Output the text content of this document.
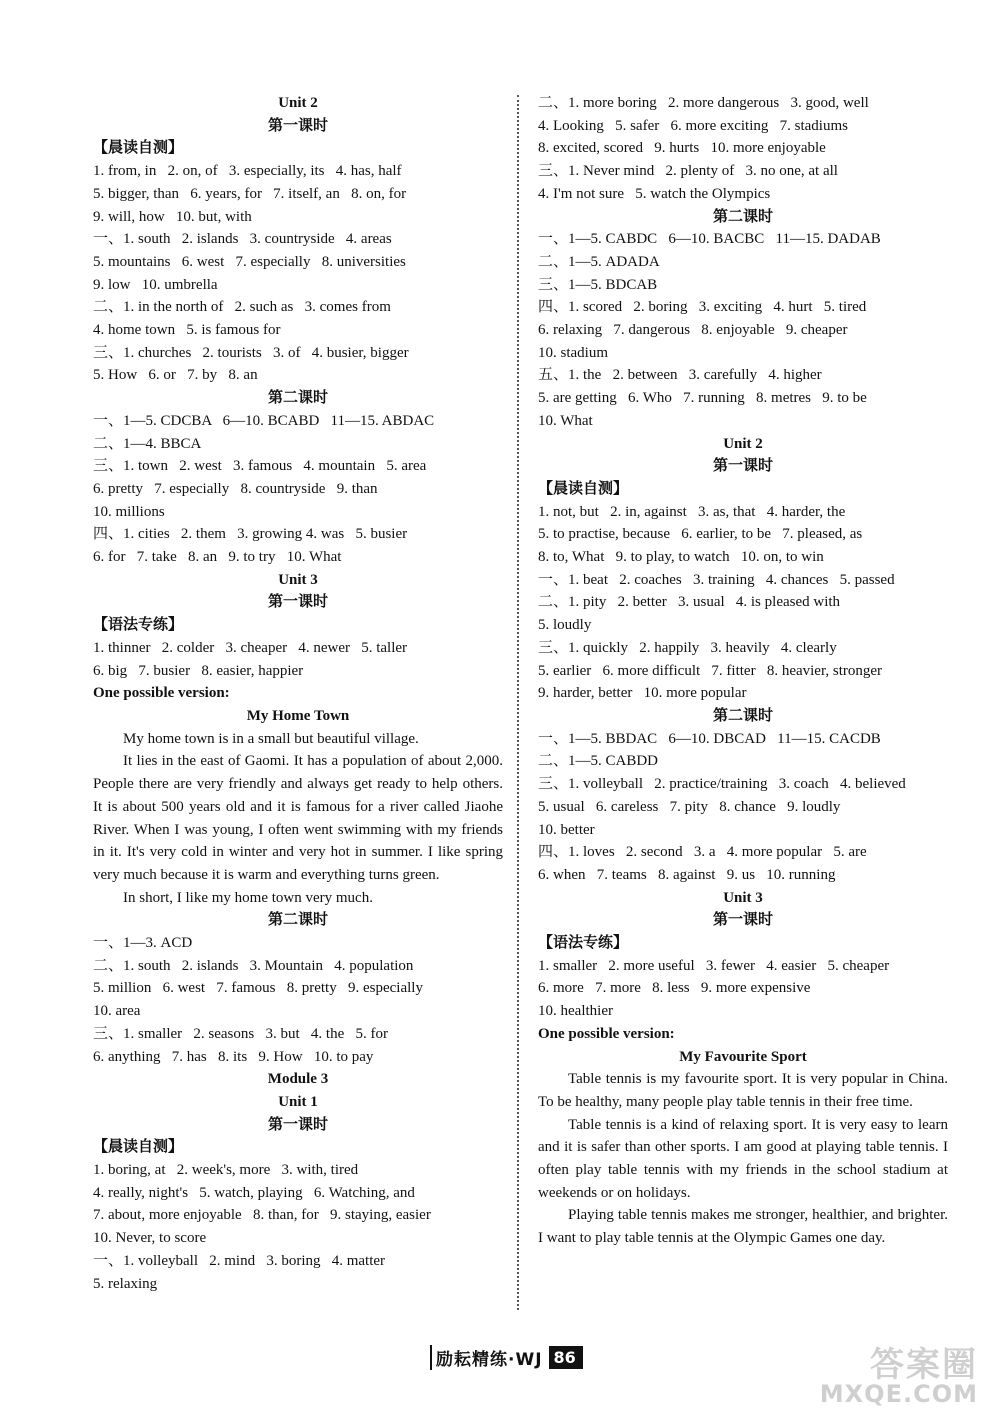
Unit 2
第一课时
【晨读自测】
1. from, in   2. on, of   3. especially, its   4. has, half
5. bigger, than   6. years, for   7. itself, an   8. on, for
9. will, how   10. but, with
一、1. south   2. islands   3. countryside   4. areas
5. mountains   6. west   7. especially   8. universities
9. low   10. umbrella
二、1. in the north of   2. such as   3. comes from
4. home town   5. is famous for
三、1. churches   2. tourists   3. of   4. busier, bigger
5. How   6. or   7. by   8. an
第二课时
一、1—5. CDCBA   6—10. BCABD   11—15. ABDAC
二、1—4. BBCA
三、1. town   2. west   3. famous   4. mountain   5. area
6. pretty   7. especially   8. countryside   9. than
10. millions
四、1. cities   2. them   3. growing 4. was   5. busier
6. for   7. take   8. an   9. to try   10. What
Unit 3
第一课时
【语法专练】
1. thinner   2. colder   3. cheaper   4. newer   5. taller
6. big   7. busier   8. easier, happier
One possible version:
My Home Town
My home town is in a small but beautiful village.
It lies in the east of Gaomi. It has a population of about 2,000. People there are very friendly and always get ready to help others. It is about 500 years old and it is famous for a river called Jiaohe River. When I was young, I often went swimming with my friends in it. It's very cold in winter and very hot in summer. I like spring very much because it is warm and everything turns green.
In short, I like my home town very much.
第二课时
一、1—3. ACD
二、1. south   2. islands   3. Mountain   4. population
5. million   6. west   7. famous   8. pretty   9. especially
10. area
三、1. smaller   2. seasons   3. but   4. the   5. for
6. anything   7. has   8. its   9. How   10. to pay
Module 3
Unit 1
第一课时
【晨读自测】
1. boring, at   2. week's, more   3. with, tired
4. really, night's   5. watch, playing   6. Watching, and
7. about, more enjoyable   8. than, for   9. staying, easier
10. Never, to score
一、1. volleyball   2. mind   3. boring   4. matter
5. relaxing
二、1. more boring   2. more dangerous   3. good, well
4. Looking   5. safer   6. more exciting   7. stadiums
8. excited, scored   9. hurts   10. more enjoyable
三、1. Never mind   2. plenty of   3. no one, at all
4. I'm not sure   5. watch the Olympics
第二课时
一、1—5. CABDC   6—10. BACBC   11—15. DADAB
二、1—5. ADADA
三、1—5. BDCAB
四、1. scored   2. boring   3. exciting   4. hurt   5. tired
6. relaxing   7. dangerous   8. enjoyable   9. cheaper
10. stadium
五、1. the   2. between   3. carefully   4. higher
5. are getting   6. Who   7. running   8. metres   9. to be
10. What
Unit 2
第一课时
【晨读自测】
1. not, but   2. in, against   3. as, that   4. harder, the
5. to practise, because   6. earlier, to be   7. pleased, as
8. to, What   9. to play, to watch   10. on, to win
一、1. beat   2. coaches   3. training   4. chances   5. passed
二、1. pity   2. better   3. usual   4. is pleased with
5. loudly
三、1. quickly   2. happily   3. heavily   4. clearly
5. earlier   6. more difficult   7. fitter   8. heavier, stronger
9. harder, better   10. more popular
第二课时
一、1—5. BBDAC   6—10. DBCAD   11—15. CACDB
二、1—5. CABDD
三、1. volleyball   2. practice/training   3. coach   4. believed
5. usual   6. careless   7. pity   8. chance   9. loudly
10. better
四、1. loves   2. second   3. a   4. more popular   5. are
6. when   7. teams   8. against   9. us   10. running
Unit 3
第一课时
【语法专练】
1. smaller   2. more useful   3. fewer   4. easier   5. cheaper
6. more   7. more   8. less   9. more expensive
10. healthier
One possible version:
My Favourite Sport
Table tennis is my favourite sport. It is very popular in China. To be healthy, many people play table tennis in their free time.
Table tennis is a kind of relaxing sport. It is very easy to learn and it is safer than other sports. I am good at playing table tennis. I often play table tennis with my friends in the school stadium at weekends or on holidays.
Playing table tennis makes me stronger, healthier, and brighter. I want to play table tennis at the Olympic Games one day.
励耘精练·WJ 86	答案圈
MXQE.COM
